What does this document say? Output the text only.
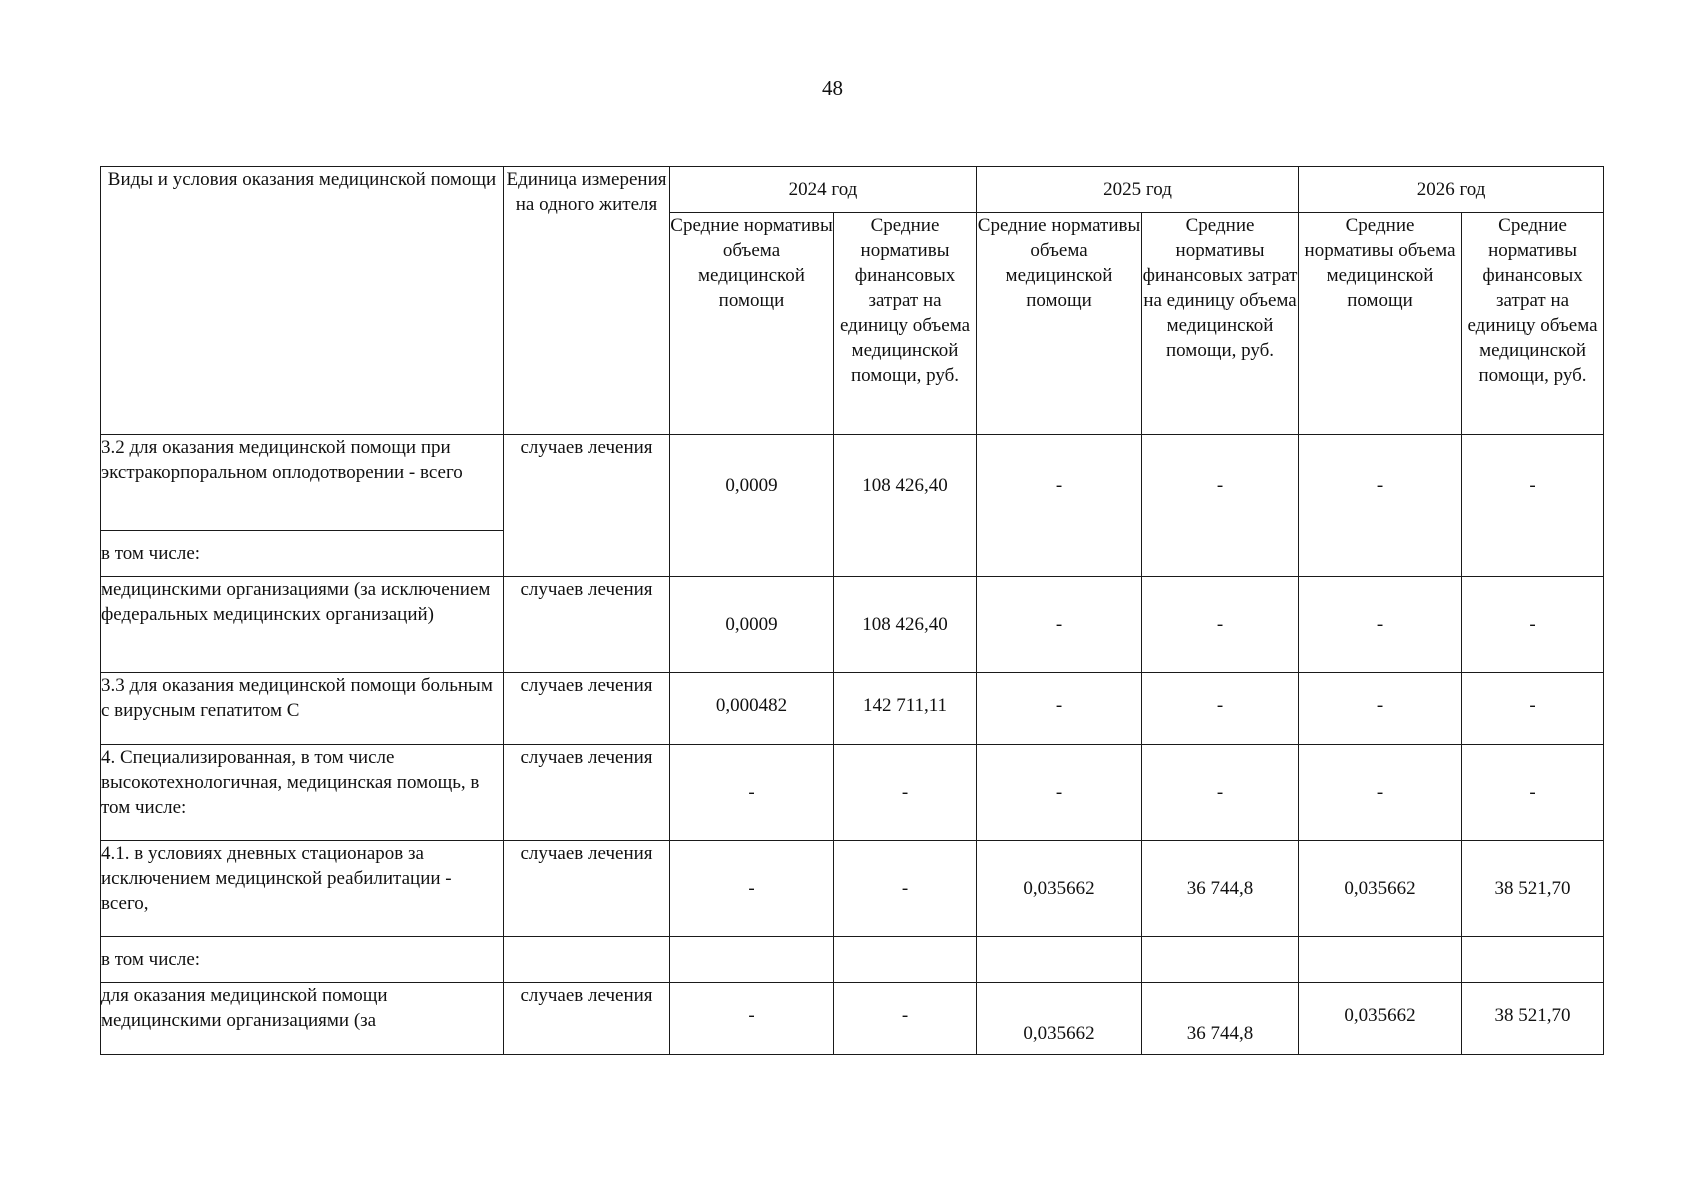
48
Виды и условия оказания медицинской помощи	Единица измерения на одного жителя	2024 год		2025 год		2026 год	
		Средние нормативы объема медицинской помощи	Средние нормативы финансовых затрат на единицу объема медицинской помощи, руб.	Средние нормативы объема медицинской помощи	Средние нормативы финансовых затрат на единицу объема медицинской помощи, руб.	Средние нормативы объема медицинской помощи	Средние нормативы финансовых затрат на единицу объема медицинской помощи, руб.
3.2 для оказания медицинской помощи при экстракорпоральном оплодотворении - всего	случаев лечения	0,0009	108 426,40	-	-	-	-
в том числе:							
медицинскими организациями (за исключением федеральных медицинских организаций)	случаев лечения	0,0009	108 426,40	-	-	-	-
3.3 для оказания медицинской помощи больным с вирусным гепатитом С	случаев лечения	0,000482	142 711,11	-	-	-	-
4. Специализированная, в том числе высокотехнологичная, медицинская помощь, в том числе:	случаев лечения	-	-	-	-	-	-
4.1. в условиях дневных стационаров за исключением медицинской реабилитации - всего,	случаев лечения	-	-	0,035662	36 744,8	0,035662	38 521,70
в том числе:							
для оказания медицинской помощи медицинскими организациями (за	случаев лечения	-	-	0,035662	36 744,8	0,035662	38 521,70
